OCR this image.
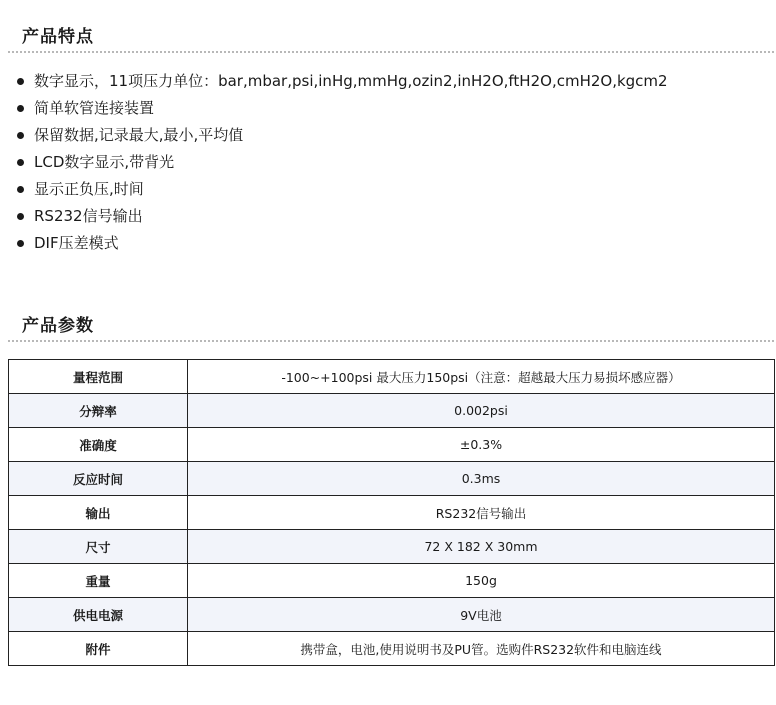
产品特点
数字显示，11项压力单位：bar,mbar,psi,inHg,mmHg,ozin2,inH2O,ftH2O,cmH2O,kgcm2
简单软管连接装置
保留数据,记录最大,最小,平均值
LCD数字显示,带背光
显示正负压,时间
RS232信号输出
DIF压差模式
产品参数
量程范围	-100~+100psi 最大压力150psi（注意：超越最大压力易损坏感应器）
分辩率	0.002psi
准确度	±0.3%
反应时间	0.3ms
输出	RS232信号输出
尺寸	72 X 182 X 30mm
重量	150g
供电电源	9V电池
附件	携带盒，电池,使用说明书及PU管。选购件RS232软件和电脑连线
